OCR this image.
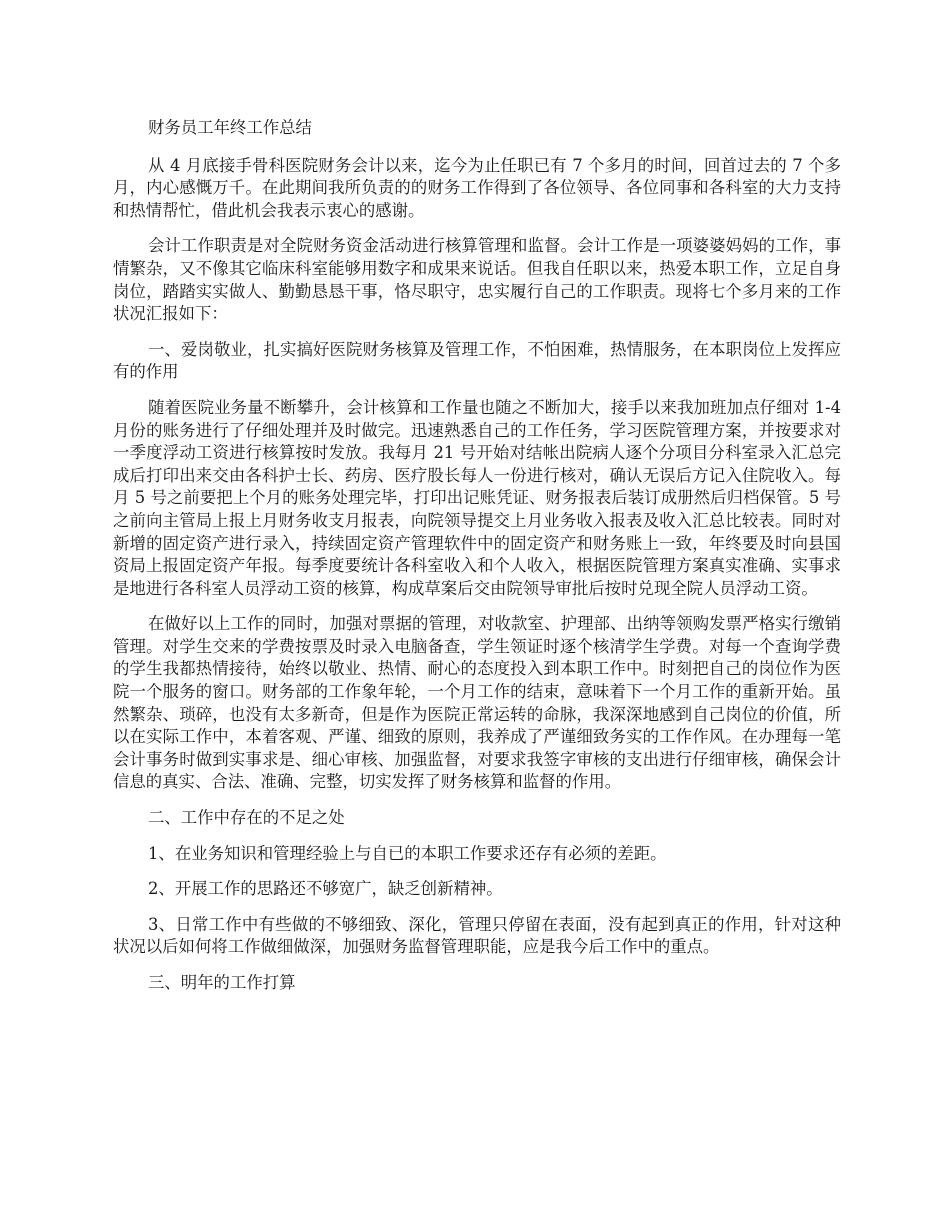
财务员工年终工作总结

从 4 月底接手骨科医院财务会计以来，迄今为止任职已有 7 个多月的时间，回首过去的 7 个多月，内心感慨万千。在此期间我所负责的的财务工作得到了各位领导、各位同事和各科室的大力支持和热情帮忙，借此机会我表示衷心的感谢。

会计工作职责是对全院财务资金活动进行核算管理和监督。会计工作是一项婆婆妈妈的工作，事情繁杂，又不像其它临床科室能够用数字和成果来说话。但我自任职以来，热爱本职工作，立足自身岗位，踏踏实实做人、勤勤恳恳干事，恪尽职守，忠实履行自己的工作职责。现将七个多月来的工作状况汇报如下：

一、爱岗敬业，扎实搞好医院财务核算及管理工作，不怕困难，热情服务，在本职岗位上发挥应有的作用

随着医院业务量不断攀升，会计核算和工作量也随之不断加大，接手以来我加班加点仔细对 1-4 月份的账务进行了仔细处理并及时做完。迅速熟悉自己的工作任务，学习医院管理方案，并按要求对一季度浮动工资进行核算按时发放。我每月 21 号开始对结帐出院病人逐个分项目分科室录入汇总完成后打印出来交由各科护士长、药房、医疗股长每人一份进行核对，确认无误后方记入住院收入。每月 5 号之前要把上个月的账务处理完毕，打印出记账凭证、财务报表后装订成册然后归档保管。5 号之前向主管局上报上月财务收支月报表，向院领导提交上月业务收入报表及收入汇总比较表。同时对新增的固定资产进行录入，持续固定资产管理软件中的固定资产和财务账上一致，年终要及时向县国资局上报固定资产年报。每季度要统计各科室收入和个人收入，根据医院管理方案真实准确、实事求是地进行各科室人员浮动工资的核算，构成草案后交由院领导审批后按时兑现全院人员浮动工资。

在做好以上工作的同时，加强对票据的管理，对收款室、护理部、出纳等领购发票严格实行缴销管理。对学生交来的学费按票及时录入电脑备查，学生领证时逐个核清学生学费。对每一个查询学费的学生我都热情接待，始终以敬业、热情、耐心的态度投入到本职工作中。时刻把自己的岗位作为医院一个服务的窗口。财务部的工作象年轮，一个月工作的结束，意味着下一个月工作的重新开始。虽然繁杂、琐碎，也没有太多新奇，但是作为医院正常运转的命脉，我深深地感到自己岗位的价值，所以在实际工作中，本着客观、严谨、细致的原则，我养成了严谨细致务实的工作作风。在办理每一笔会计事务时做到实事求是、细心审核、加强监督，对要求我签字审核的支出进行仔细审核，确保会计信息的真实、合法、准确、完整，切实发挥了财务核算和监督的作用。

二、工作中存在的不足之处

1、在业务知识和管理经验上与自已的本职工作要求还存有必须的差距。

2、开展工作的思路还不够宽广，缺乏创新精神。

3、日常工作中有些做的不够细致、深化，管理只停留在表面，没有起到真正的作用，针对这种状况以后如何将工作做细做深，加强财务监督管理职能，应是我今后工作中的重点。

三、明年的工作打算
